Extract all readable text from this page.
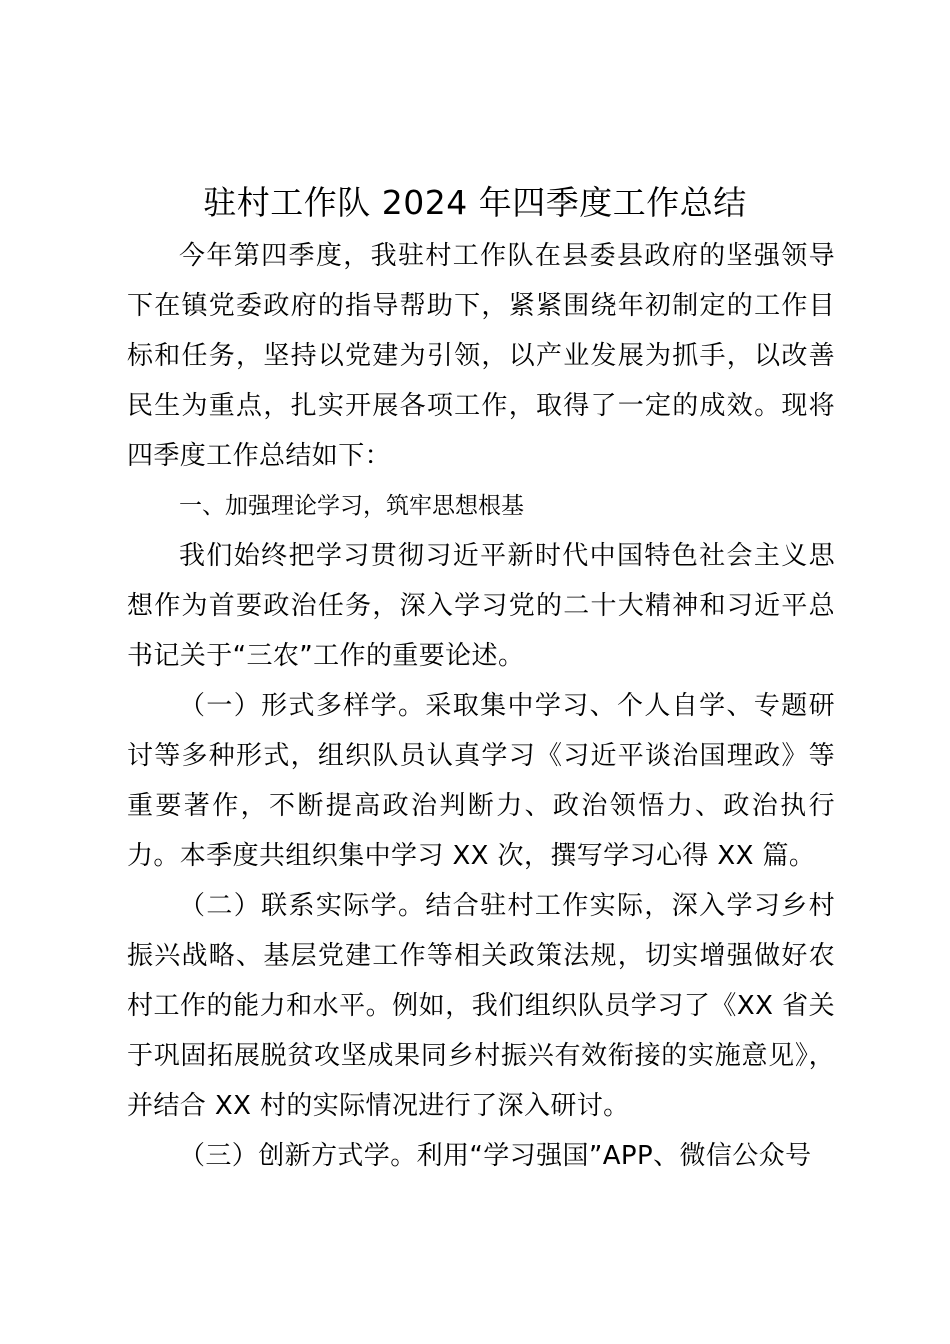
驻村工作队 2024 年四季度工作总结

今年第四季度，我驻村工作队在县委县政府的坚强领导下在镇党委政府的指导帮助下，紧紧围绕年初制定的工作目标和任务，坚持以党建为引领，以产业发展为抓手，以改善民生为重点，扎实开展各项工作，取得了一定的成效。现将四季度工作总结如下：

一、加强理论学习，筑牢思想根基

我们始终把学习贯彻习近平新时代中国特色社会主义思想作为首要政治任务，深入学习党的二十大精神和习近平总书记关于“三农”工作的重要论述。

（一）形式多样学。采取集中学习、个人自学、专题研讨等多种形式，组织队员认真学习《习近平谈治国理政》等重要著作，不断提高政治判断力、政治领悟力、政治执行力。本季度共组织集中学习 XX 次，撰写学习心得 XX 篇。

（二）联系实际学。结合驻村工作实际，深入学习乡村振兴战略、基层党建工作等相关政策法规，切实增强做好农村工作的能力和水平。例如，我们组织队员学习了《XX 省关于巩固拓展脱贫攻坚成果同乡村振兴有效衔接的实施意见》，并结合 XX 村的实际情况进行了深入研讨。

（三）创新方式学。利用“学习强国”APP、微信公众号
